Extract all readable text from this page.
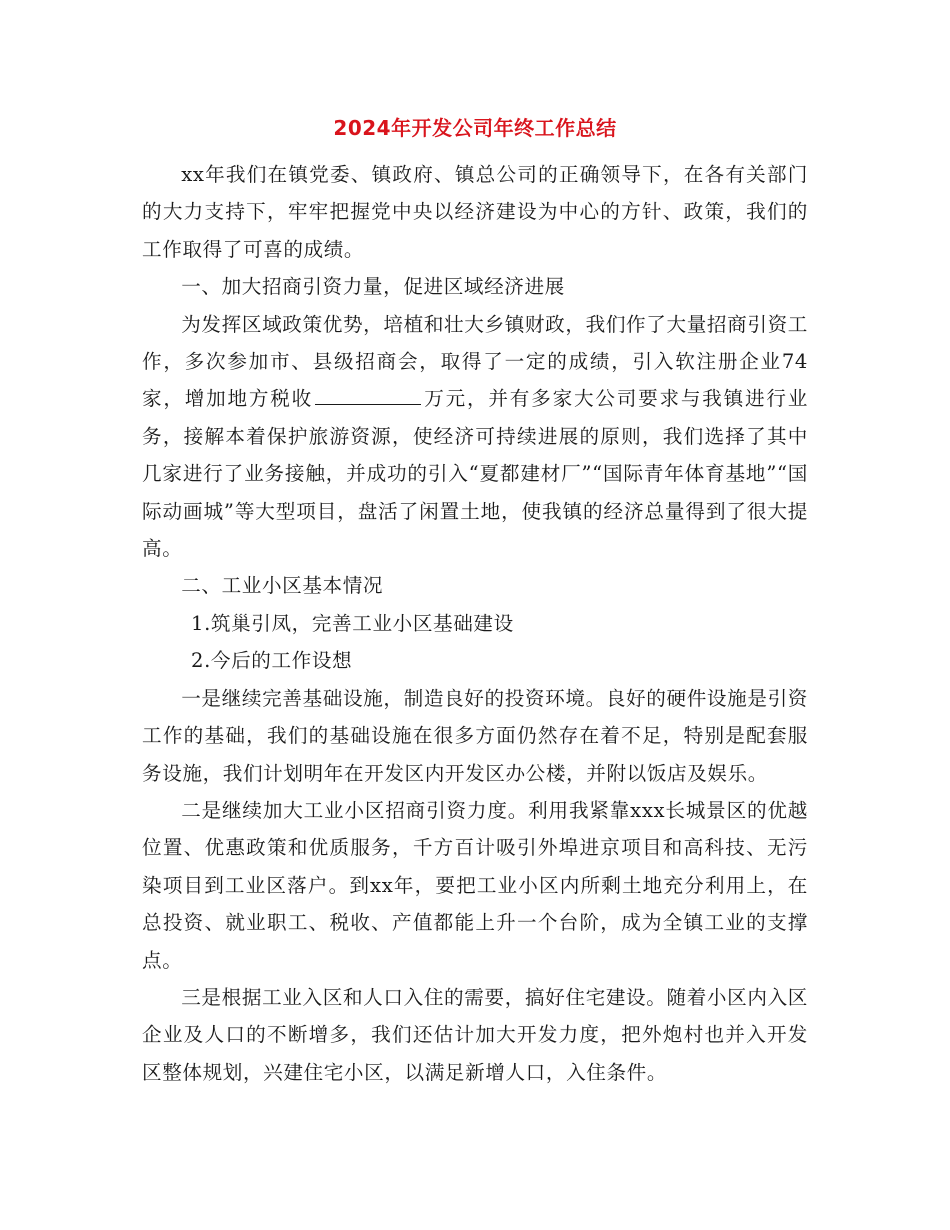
2024年开发公司年终工作总结

xx年我们在镇党委、镇政府、镇总公司的正确领导下，在各有关部门的大力支持下，牢牢把握党中央以经济建设为中心的方针、政策，我们的工作取得了可喜的成绩。

一、加大招商引资力量，促进区域经济进展

为发挥区域政策优势，培植和壮大乡镇财政，我们作了大量招商引资工作，多次参加市、县级招商会，取得了一定的成绩，引入软注册企业74家，增加地方税收	万元，并有多家大公司要求与我镇进行业务，接解本着保护旅游资源，使经济可持续进展的原则，我们选择了其中几家进行了业务接触，并成功的引入“夏都建材厂”“国际青年体育基地”“国际动画城”等大型项目，盘活了闲置土地，使我镇的经济总量得到了很大提高。

二、工业小区基本情况

1.筑巢引凤，完善工业小区基础建设

2.今后的工作设想

一是继续完善基础设施，制造良好的投资环境。良好的硬件设施是引资工作的基础，我们的基础设施在很多方面仍然存在着不足，特别是配套服务设施，我们计划明年在开发区内开发区办公楼，并附以饭店及娱乐。

二是继续加大工业小区招商引资力度。利用我紧靠xxx长城景区的优越位置、优惠政策和优质服务，千方百计吸引外埠进京项目和高科技、无污染项目到工业区落户。到xx年，要把工业小区内所剩土地充分利用上，在总投资、就业职工、税收、产值都能上升一个台阶，成为全镇工业的支撑点。

三是根据工业入区和人口入住的需要，搞好住宅建设。随着小区内入区企业及人口的不断增多，我们还估计加大开发力度，把外炮村也并入开发区整体规划，兴建住宅小区，以满足新增人口，入住条件。
